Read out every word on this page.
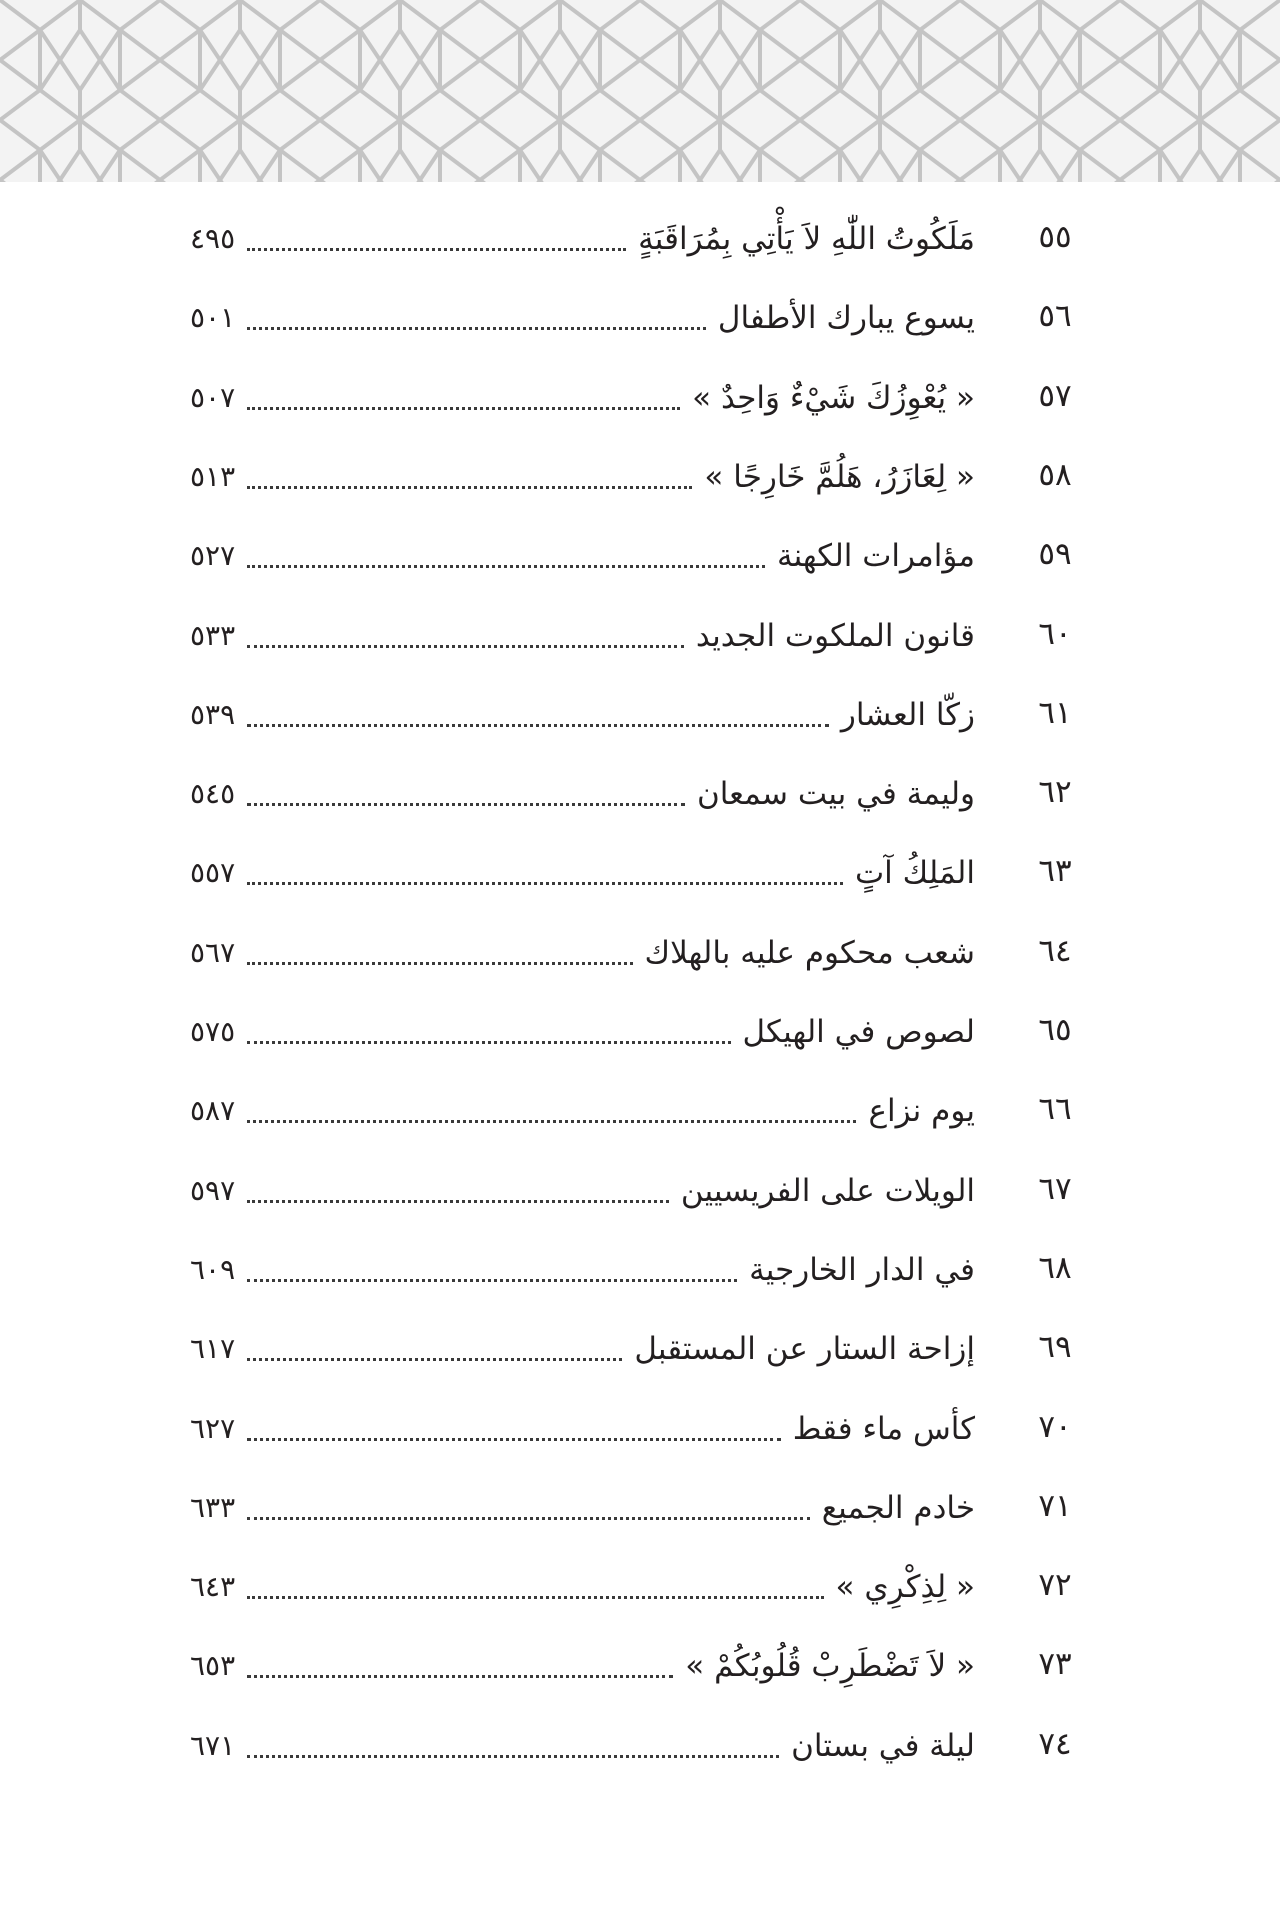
٥٥
مَلَكُوتُ اللّٰهِ لاَ يَأْتِي بِمُرَاقَبَةٍ
٤٩٥
٥٦
يسوع يبارك الأطفال
٥٠١
٥٧
« يُعْوِزُكَ شَيْءٌ وَاحِدٌ »
٥٠٧
٥٨
« لِعَازَرُ، هَلُمَّ خَارِجًا »
٥١٣
٥٩
مؤامرات الكهنة
٥٢٧
٦٠
قانون الملكوت الجديد
٥٣٣
٦١
زكّا العشار
٥٣٩
٦٢
وليمة في بيت سمعان
٥٤٥
٦٣
المَلِكُ آتٍ
٥٥٧
٦٤
شعب محكوم عليه بالهلاك
٥٦٧
٦٥
لصوص في الهيكل
٥٧٥
٦٦
يوم نزاع
٥٨٧
٦٧
الويلات على الفريسيين
٥٩٧
٦٨
في الدار الخارجية
٦٠٩
٦٩
إزاحة الستار عن المستقبل
٦١٧
٧٠
كأس ماء فقط
٦٢٧
٧١
خادم الجميع
٦٣٣
٧٢
« لِذِكْرِي »
٦٤٣
٧٣
« لاَ تَضْطَرِبْ قُلُوبُكُمْ »
٦٥٣
٧٤
ليلة في بستان
٦٧١
